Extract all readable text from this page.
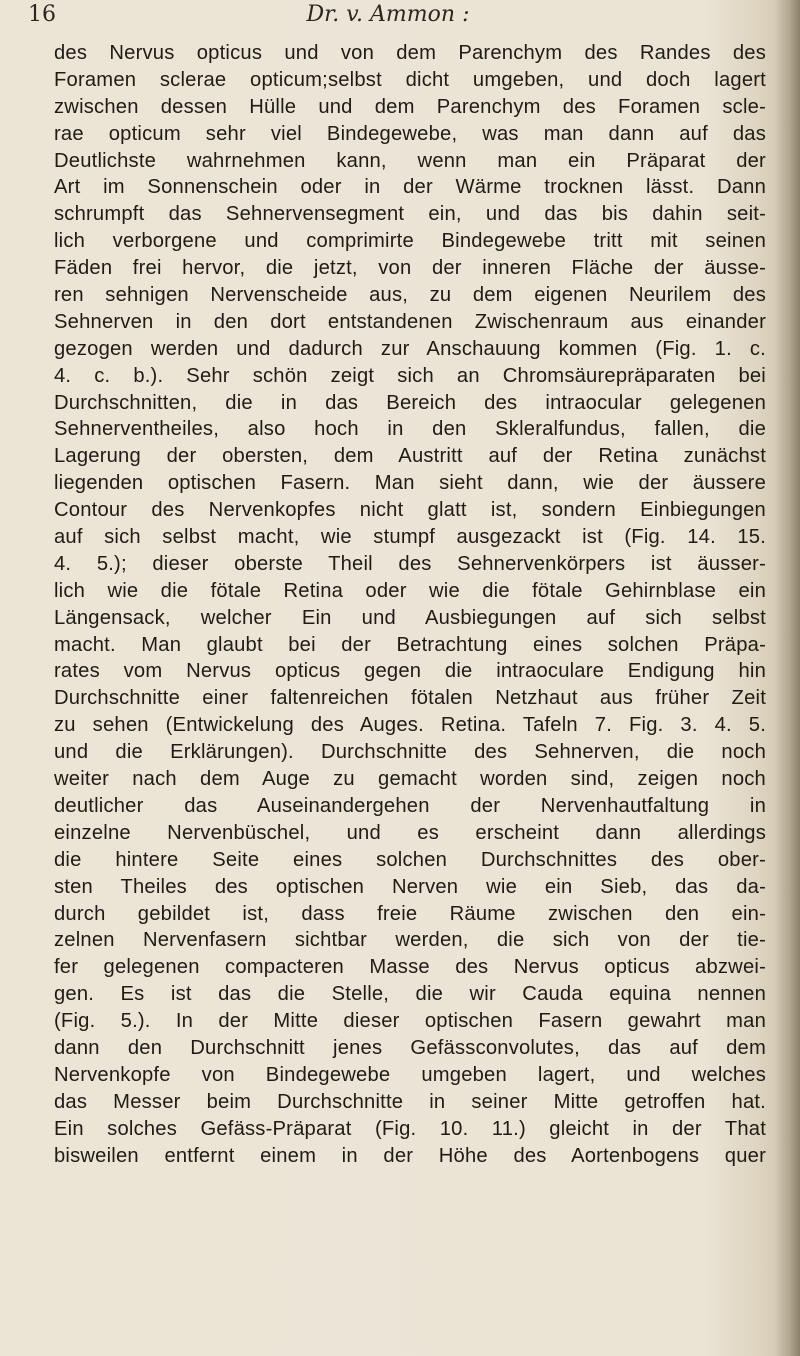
16	Dr. v. Ammon :
des Nervus opticus und von dem Parenchym des Randes des
Foramen sclerae opticum;selbst dicht umgeben, und doch lagert
zwischen dessen Hülle und dem Parenchym des Foramen scle-
rae opticum sehr viel Bindegewebe, was man dann auf das
Deutlichste wahrnehmen kann, wenn man ein Präparat der
Art im Sonnenschein oder in der Wärme trocknen lässt. Dann
schrumpft das Sehnervensegment ein, und das bis dahin seit-
lich verborgene und comprimirte Bindegewebe tritt mit seinen
Fäden frei hervor, die jetzt, von der inneren Fläche der äusse-
ren sehnigen Nervenscheide aus, zu dem eigenen Neurilem des
Sehnerven in den dort entstandenen Zwischenraum aus einander
gezogen werden und dadurch zur Anschauung kommen (Fig. 1. c.
4. c. b.). Sehr schön zeigt sich an Chromsäurepräparaten bei
Durchschnitten, die in das Bereich des intraocular gelegenen
Sehnerventheiles, also hoch in den Skleralfundus, fallen, die
Lagerung der obersten, dem Austritt auf der Retina zunächst
liegenden optischen Fasern. Man sieht dann, wie der äussere
Contour des Nervenkopfes nicht glatt ist, sondern Einbiegungen
auf sich selbst macht, wie stumpf ausgezackt ist (Fig. 14. 15.
4. 5.); dieser oberste Theil des Sehnervenkörpers ist äusser-
lich wie die fötale Retina oder wie die fötale Gehirnblase ein
Längensack, welcher Ein und Ausbiegungen auf sich selbst
macht. Man glaubt bei der Betrachtung eines solchen Präpa-
rates vom Nervus opticus gegen die intraoculare Endigung hin
Durchschnitte einer faltenreichen fötalen Netzhaut aus früher Zeit
zu sehen (Entwickelung des Auges. Retina. Tafeln 7. Fig. 3. 4. 5.
und die Erklärungen). Durchschnitte des Sehnerven, die noch
weiter nach dem Auge zu gemacht worden sind, zeigen noch
deutlicher das Auseinandergehen der Nervenhautfaltung in
einzelne Nervenbüschel, und es erscheint dann allerdings
die hintere Seite eines solchen Durchschnittes des ober-
sten Theiles des optischen Nerven wie ein Sieb, das da-
durch gebildet ist, dass freie Räume zwischen den ein-
zelnen Nervenfasern sichtbar werden, die sich von der tie-
fer gelegenen compacteren Masse des Nervus opticus abzwei-
gen. Es ist das die Stelle, die wir Cauda equina nennen
(Fig. 5.). In der Mitte dieser optischen Fasern gewahrt man
dann den Durchschnitt jenes Gefässconvolutes, das auf dem
Nervenkopfe von Bindegewebe umgeben lagert, und welches
das Messer beim Durchschnitte in seiner Mitte getroffen hat.
Ein solches Gefäss-Präparat (Fig. 10. 11.) gleicht in der That
bisweilen entfernt einem in der Höhe des Aortenbogens quer
